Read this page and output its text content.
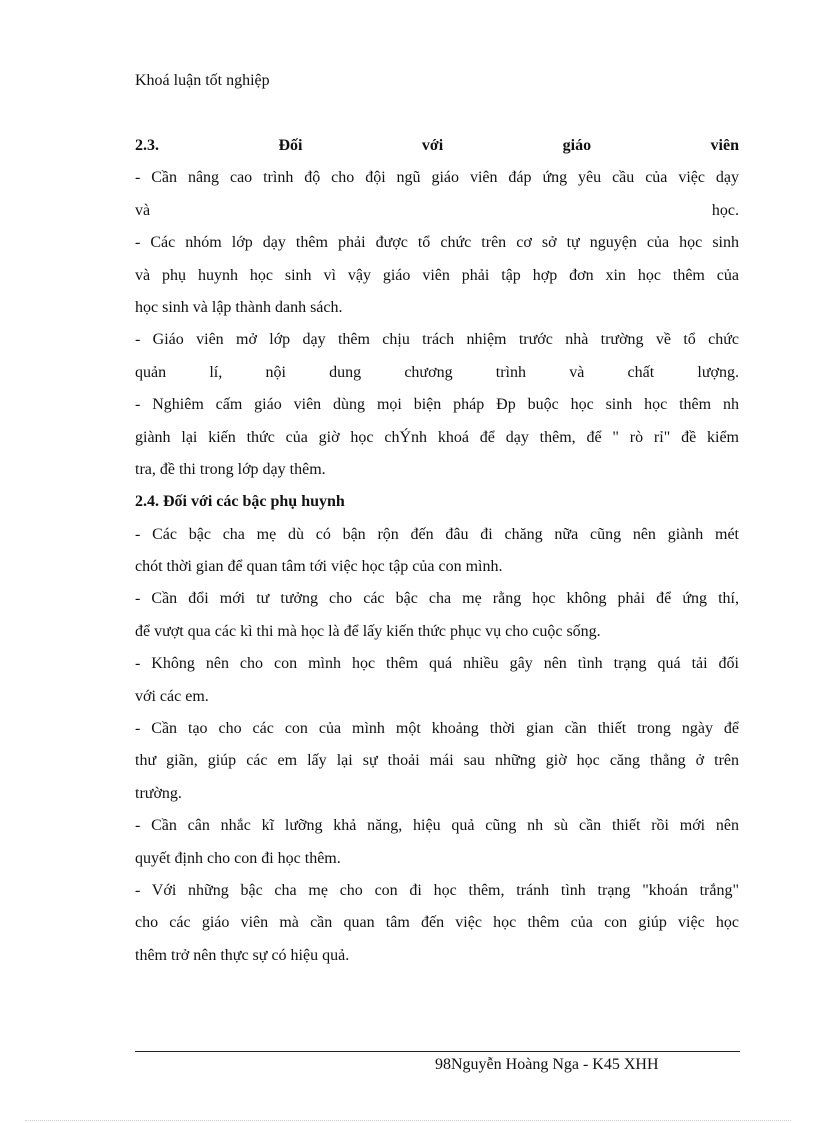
Khoá luận tốt nghiệp
2.3. Đối với giáo viên
- Cần nâng cao trình độ cho đội ngũ giáo viên đáp ứng yêu cầu của việc dạy
và học.
- Các nhóm lớp dạy thêm phải được tổ chức trên cơ sở tự nguyện của học sinh
và phụ huynh học sinh vì vậy giáo viên phải tập hợp đơn xin học thêm của
học sinh và lập thành danh sách.
- Giáo viên mở lớp dạy thêm chịu trách nhiệm trước nhà trường về tổ chức
quản lí, nội dung chương trình và chất lượng.
- Nghiêm cấm giáo viên dùng mọi biện pháp Ðp buộc học sinh học thêm nh
giành lại kiến thức của giờ học chÝnh khoá để dạy thêm, để " rò rỉ" đề kiểm
tra, đề thi trong lớp dạy thêm.
2.4. Đối với các bậc phụ huynh
- Các bậc cha mẹ dù có bận rộn đến đâu đi chăng nữa cũng nên giành mét
chót thời gian để quan tâm tới việc học tập của con mình.
- Cần đổi mới tư tưởng cho các bậc cha mẹ rằng học không phải để ứng thí,
để vượt qua các kì thi mà học là để lấy kiến thức phục vụ cho cuộc sống.
- Không nên cho con mình học thêm quá nhiều gây nên tình trạng quá tải đối
với các em.
- Cần tạo cho các con của mình một khoảng thời gian cần thiết trong ngày để
thư giãn, giúp các em lấy lại sự thoải mái sau những giờ học căng thẳng ở trên
trường.
- Cần cân nhắc kĩ lưỡng khả năng, hiệu quả cũng nh sù cần thiết rồi mới nên
quyết định cho con đi học thêm.
- Với những bậc cha mẹ cho con đi học thêm, tránh tình trạng "khoán trắng"
cho các giáo viên mà cần quan tâm đến việc học thêm của con giúp việc học
thêm trở nên thực sự có hiệu quả.
98Nguyễn Hoàng Nga - K45 XHH
